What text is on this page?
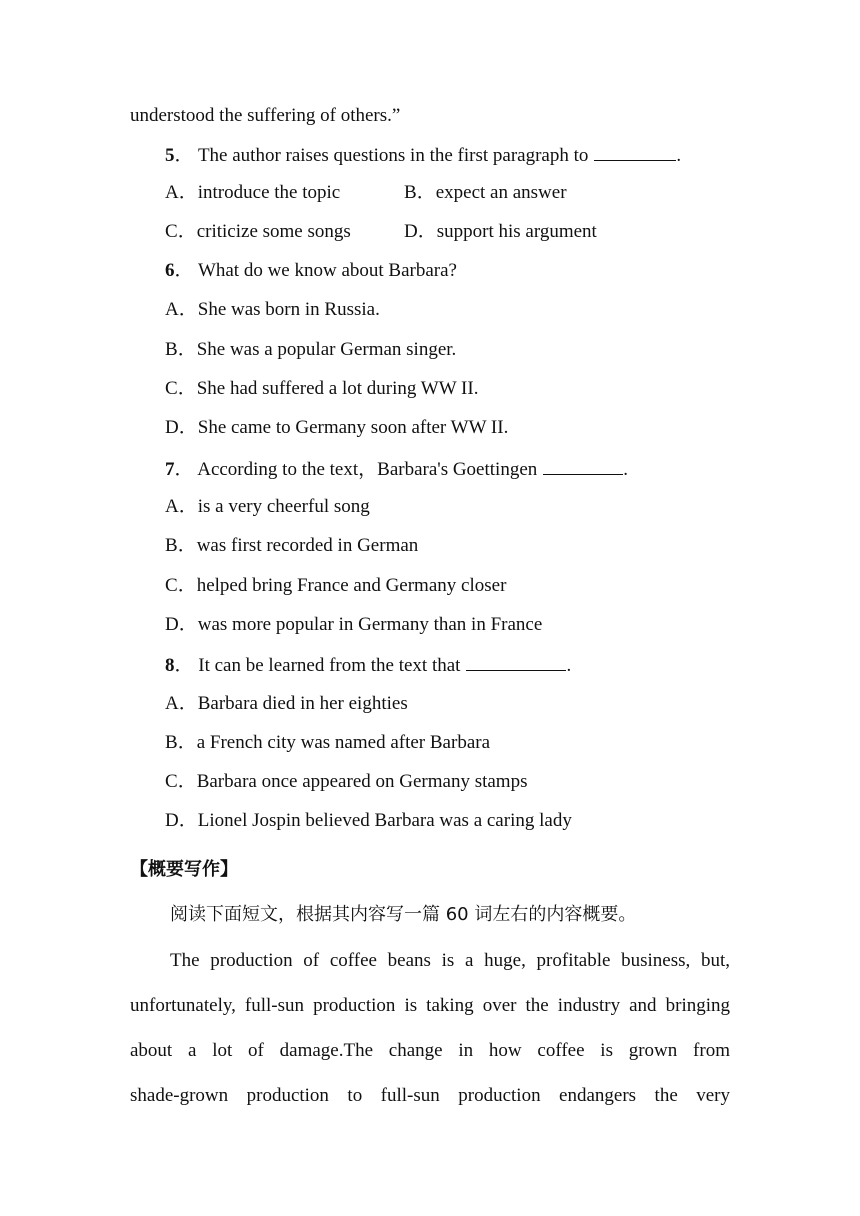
understood the suffering of others.”
5． The author raises questions in the first paragraph to	.
A．introduce the topic	B．expect an answer
C．criticize some songs	D．support his argument
6． What do we know about Barbara?
A．She was born in Russia.
B．She was a popular German singer.
C．She had suffered a lot during WW II.
D．She came to Germany soon after WW II.
7． According to the text，Barbara's Goettingen	.
A．is a very cheerful song
B．was first recorded in German
C．helped bring France and Germany closer
D．was more popular in Germany than in France
8． It can be learned from the text that	.
A．Barbara died in her eighties
B．a French city was named after Barbara
C．Barbara once appeared on Germany stamps
D．Lionel Jospin believed Barbara was a caring lady
【概要写作】
阅读下面短文，根据其内容写一篇 60 词左右的内容概要。
The production of coffee beans is a huge, profitable business, but,
unfortunately, full-sun production is taking over the industry and bringing
about a lot of damage.The change in how coffee is grown from
shade-grown production to full-sun production endangers the very
